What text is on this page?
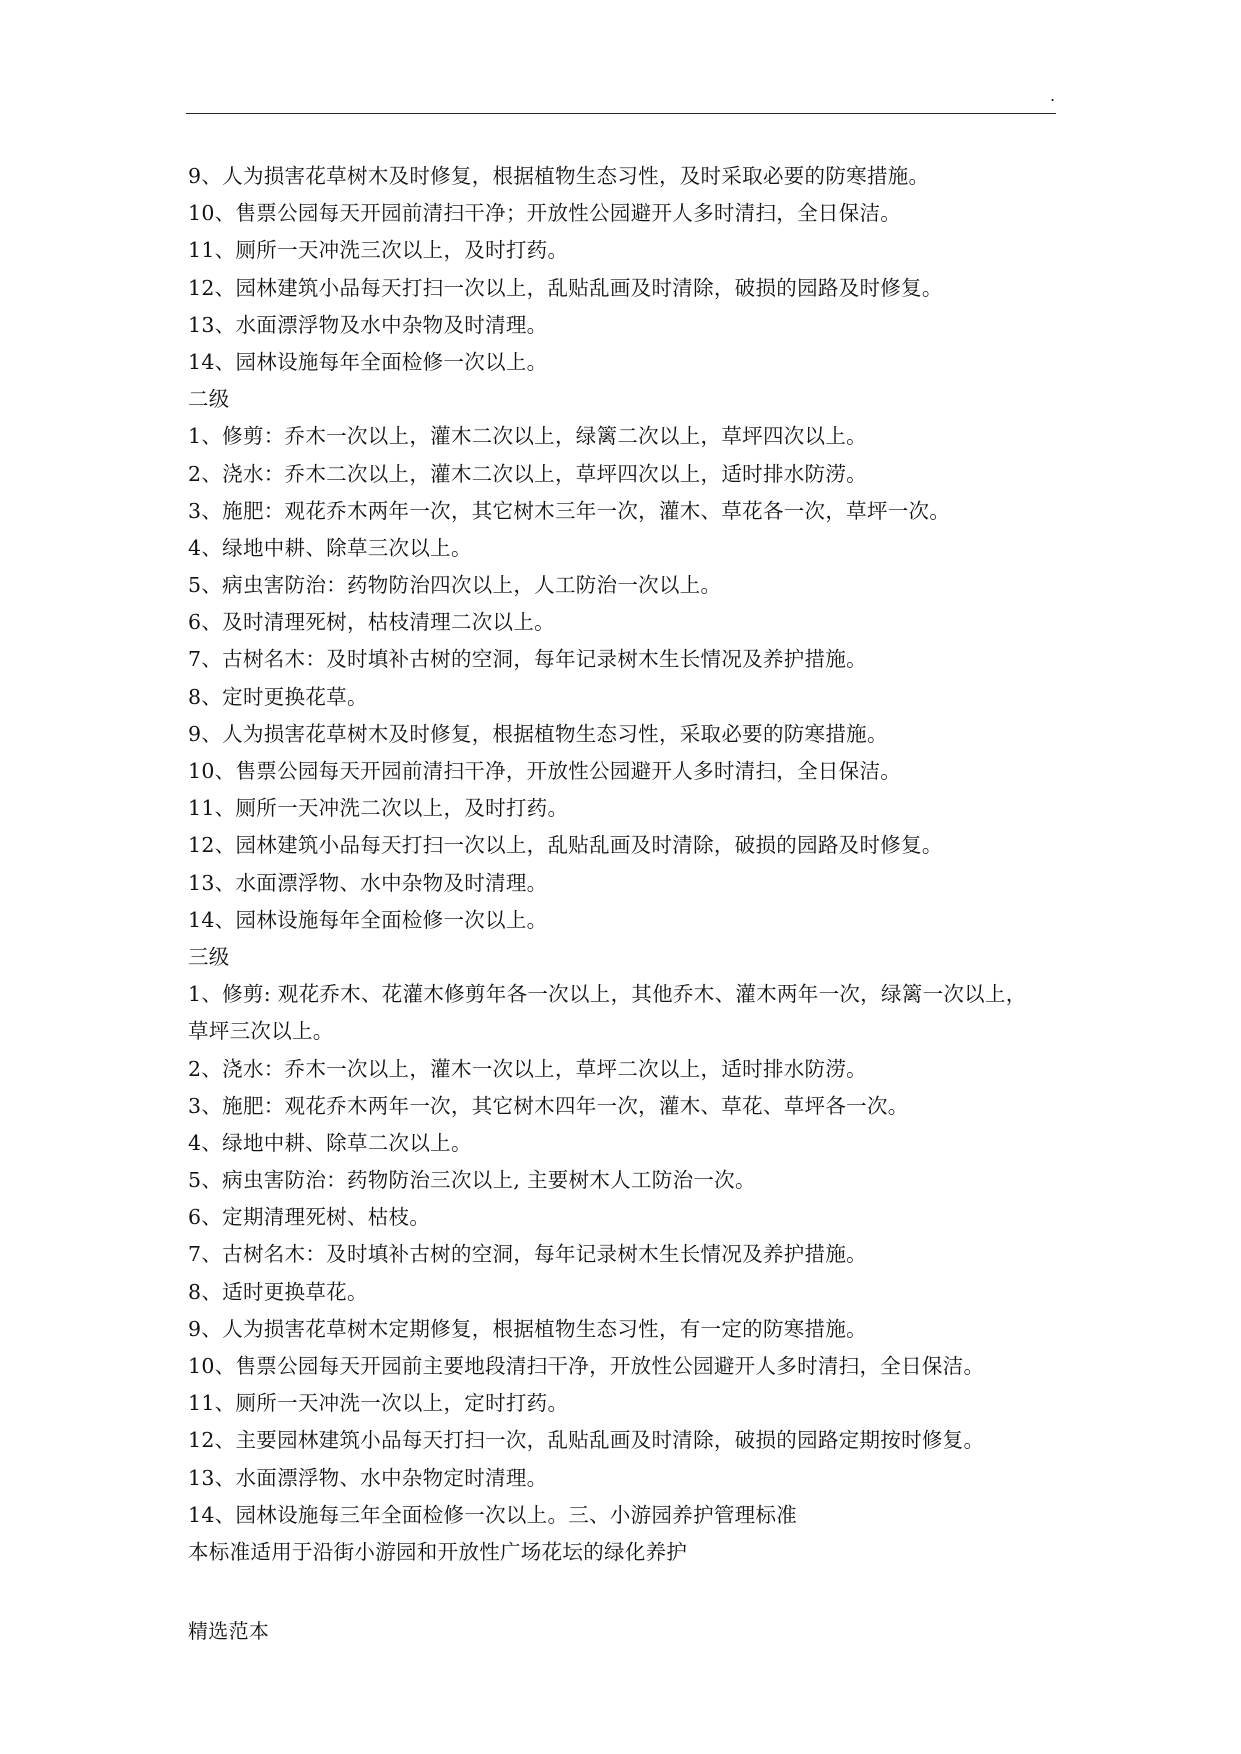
.
9、人为损害花草树木及时修复，根据植物生态习性，及时采取必要的防寒措施。
10、售票公园每天开园前清扫干净；开放性公园避开人多时清扫，全日保洁。
11、厕所一天冲洗三次以上，及时打药。
12、园林建筑小品每天打扫一次以上，乱贴乱画及时清除，破损的园路及时修复。
13、水面漂浮物及水中杂物及时清理。
14、园林设施每年全面检修一次以上。
二级
1、修剪：乔木一次以上，灌木二次以上，绿篱二次以上，草坪四次以上。
2、浇水：乔木二次以上，灌木二次以上，草坪四次以上，适时排水防涝。
3、施肥：观花乔木两年一次，其它树木三年一次，灌木、草花各一次，草坪一次。
4、绿地中耕、除草三次以上。
5、病虫害防治：药物防治四次以上，人工防治一次以上。
6、及时清理死树，枯枝清理二次以上。
7、古树名木：及时填补古树的空洞，每年记录树木生长情况及养护措施。
8、定时更换花草。
9、人为损害花草树木及时修复，根据植物生态习性，采取必要的防寒措施。
10、售票公园每天开园前清扫干净，开放性公园避开人多时清扫，全日保洁。
11、厕所一天冲洗二次以上，及时打药。
12、园林建筑小品每天打扫一次以上，乱贴乱画及时清除，破损的园路及时修复。
13、水面漂浮物、水中杂物及时清理。
14、园林设施每年全面检修一次以上。
三级
1、修剪: 观花乔木、花灌木修剪年各一次以上，其他乔木、灌木两年一次，绿篱一次以上，
草坪三次以上。
2、浇水：乔木一次以上，灌木一次以上，草坪二次以上，适时排水防涝。
3、施肥：观花乔木两年一次，其它树木四年一次，灌木、草花、草坪各一次。
4、绿地中耕、除草二次以上。
5、病虫害防治：药物防治三次以上, 主要树木人工防治一次。
6、定期清理死树、枯枝。
7、古树名木：及时填补古树的空洞，每年记录树木生长情况及养护措施。
8、适时更换草花。
9、人为损害花草树木定期修复，根据植物生态习性，有一定的防寒措施。
10、售票公园每天开园前主要地段清扫干净，开放性公园避开人多时清扫，全日保洁。
11、厕所一天冲洗一次以上，定时打药。
12、主要园林建筑小品每天打扫一次，乱贴乱画及时清除，破损的园路定期按时修复。
13、水面漂浮物、水中杂物定时清理。
14、园林设施每三年全面检修一次以上。三、小游园养护管理标准
本标准适用于沿街小游园和开放性广场花坛的绿化养护
精选范本
